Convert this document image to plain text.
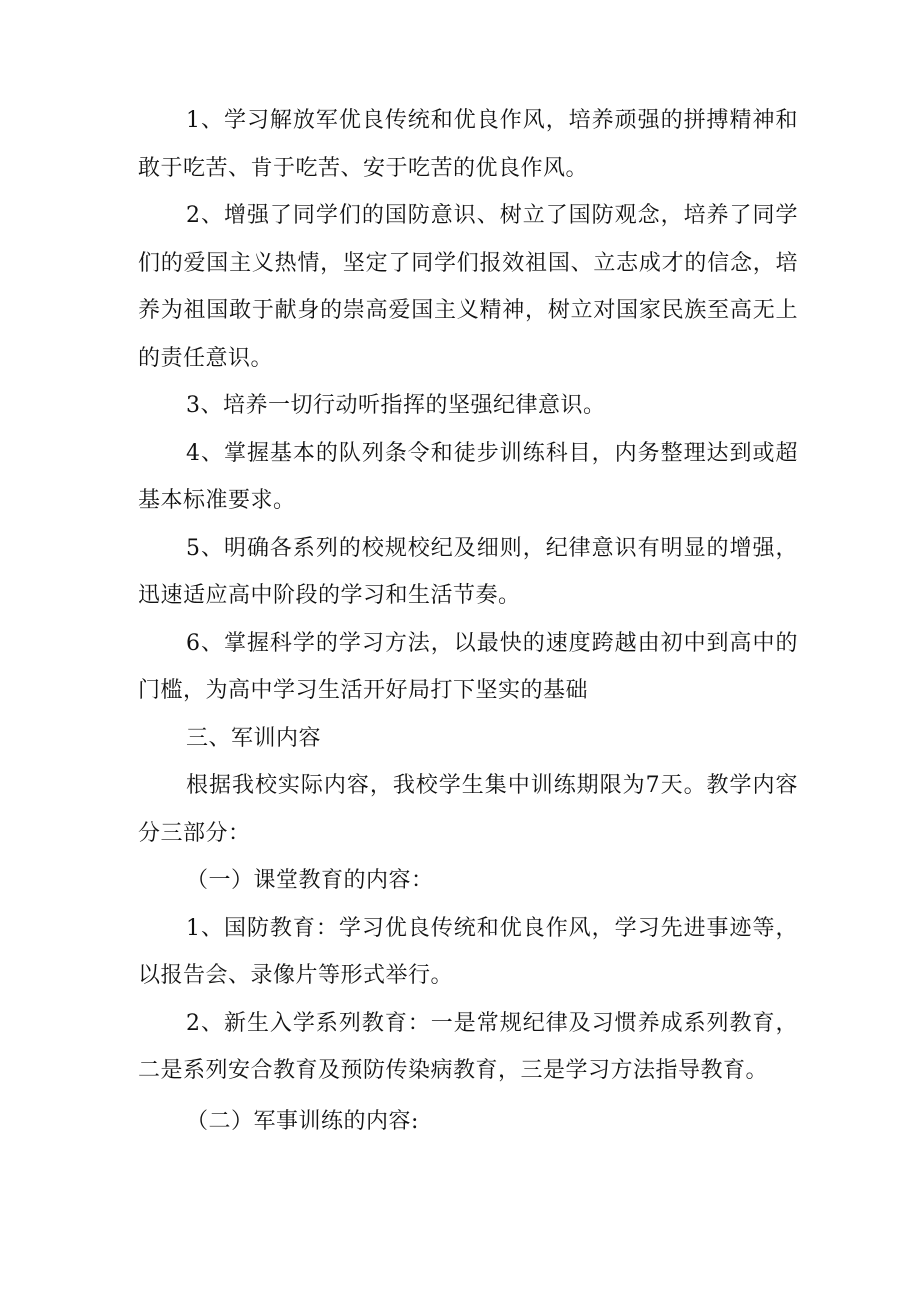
1、学习解放军优良传统和优良作风，培养顽强的拼搏精神和敢于吃苦、肯于吃苦、安于吃苦的优良作风。

2、增强了同学们的国防意识、树立了国防观念，培养了同学们的爱国主义热情，坚定了同学们报效祖国、立志成才的信念，培养为祖国敢于献身的崇高爱国主义精神，树立对国家民族至高无上的责任意识。

3、培养一切行动听指挥的坚强纪律意识。

4、掌握基本的队列条令和徒步训练科目，内务整理达到或超基本标准要求。

5、明确各系列的校规校纪及细则，纪律意识有明显的增强，迅速适应高中阶段的学习和生活节奏。

6、掌握科学的学习方法，以最快的速度跨越由初中到高中的门槛，为高中学习生活开好局打下坚实的基础

三、军训内容

根据我校实际内容，我校学生集中训练期限为7天。教学内容分三部分：

（一）课堂教育的内容：

1、国防教育：学习优良传统和优良作风，学习先进事迹等，以报告会、录像片等形式举行。

2、新生入学系列教育：一是常规纪律及习惯养成系列教育，二是系列安合教育及预防传染病教育，三是学习方法指导教育。

（二）军事训练的内容:
